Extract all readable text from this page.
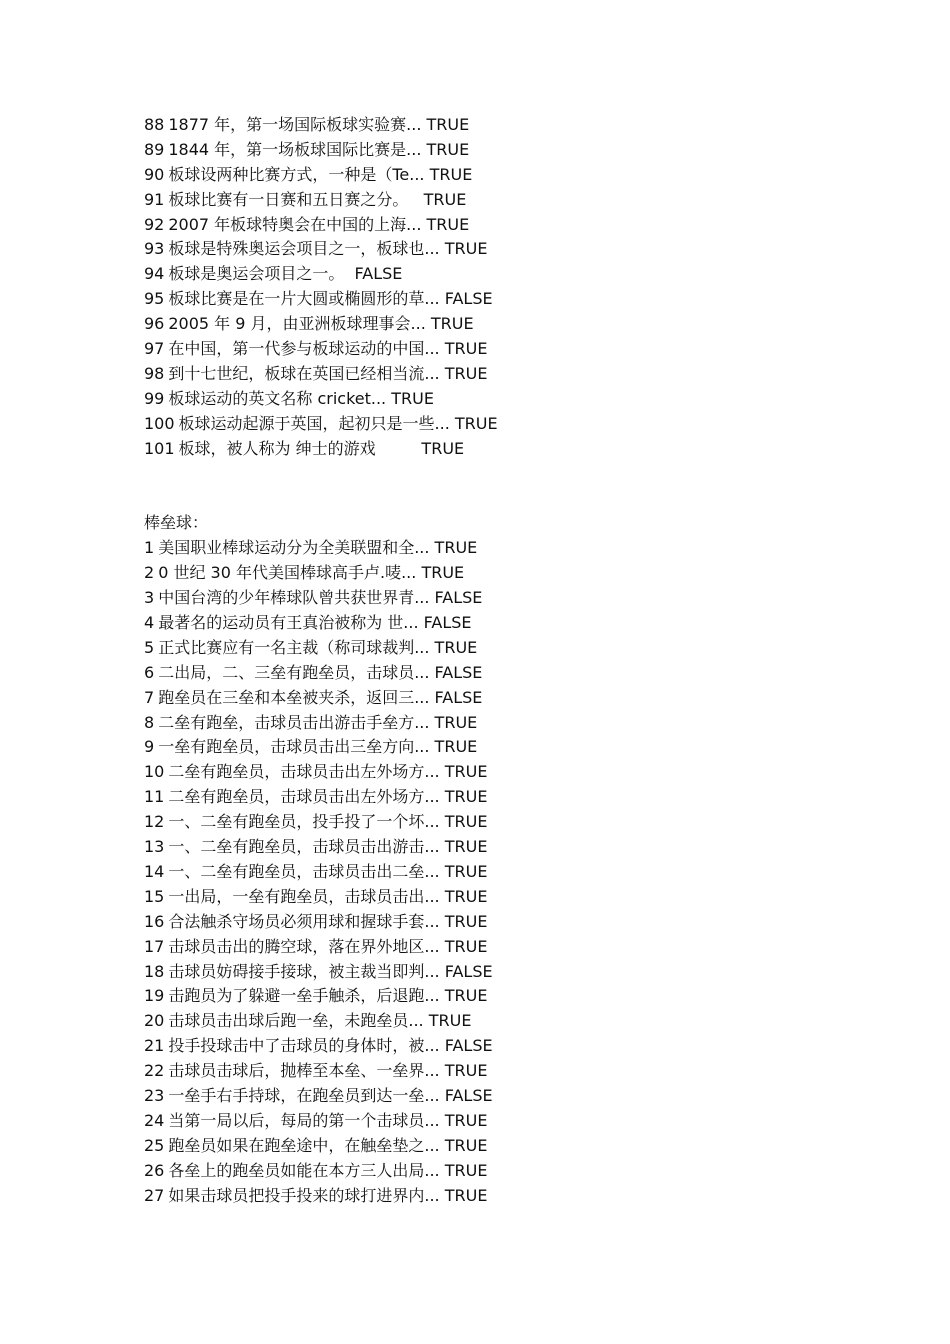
88 1877 年，第一场国际板球实验赛... TRUE
89 1844 年，第一场板球国际比赛是... TRUE
90 板球设两种比赛方式，一种是（Te... TRUE
91 板球比赛有一日赛和五日赛之分。   TRUE
92 2007 年板球特奥会在中国的上海... TRUE
93 板球是特殊奥运会项目之一，板球也... TRUE
94 板球是奥运会项目之一。  FALSE
95 板球比赛是在一片大圆或椭圆形的草... FALSE
96 2005 年 9 月，由亚洲板球理事会... TRUE
97 在中国，第一代参与板球运动的中国... TRUE
98 到十七世纪，板球在英国已经相当流... TRUE
99 板球运动的英文名称 cricket... TRUE
100 板球运动起源于英国，起初只是一些... TRUE
101 板球，被人称为 绅士的游戏         TRUE
棒垒球：
1 美国职业棒球运动分为全美联盟和全... TRUE
2 0 世纪 30 年代美国棒球高手卢.唛... TRUE
3 中国台湾的少年棒球队曾共获世界青... FALSE
4 最著名的运动员有王真治被称为 世... FALSE
5 正式比赛应有一名主裁（称司球裁判... TRUE
6 二出局，二、三垒有跑垒员，击球员... FALSE
7 跑垒员在三垒和本垒被夹杀，返回三... FALSE
8 二垒有跑垒，击球员击出游击手垒方... TRUE
9 一垒有跑垒员，击球员击出三垒方向... TRUE
10 二垒有跑垒员，击球员击出左外场方... TRUE
11 二垒有跑垒员，击球员击出左外场方... TRUE
12 一、二垒有跑垒员，投手投了一个坏... TRUE
13 一、二垒有跑垒员，击球员击出游击... TRUE
14 一、二垒有跑垒员，击球员击出二垒... TRUE
15 一出局，一垒有跑垒员，击球员击出... TRUE
16 合法触杀守场员必须用球和握球手套... TRUE
17 击球员击出的腾空球，落在界外地区... TRUE
18 击球员妨碍接手接球，被主裁当即判... FALSE
19 击跑员为了躲避一垒手触杀，后退跑... TRUE
20 击球员击出球后跑一垒，未跑垒员... TRUE
21 投手投球击中了击球员的身体时，被... FALSE
22 击球员击球后，抛棒至本垒、一垒界... TRUE
23 一垒手右手持球，在跑垒员到达一垒... FALSE
24 当第一局以后，每局的第一个击球员... TRUE
25 跑垒员如果在跑垒途中，在触垒垫之... TRUE
26 各垒上的跑垒员如能在本方三人出局... TRUE
27 如果击球员把投手投来的球打进界内... TRUE
